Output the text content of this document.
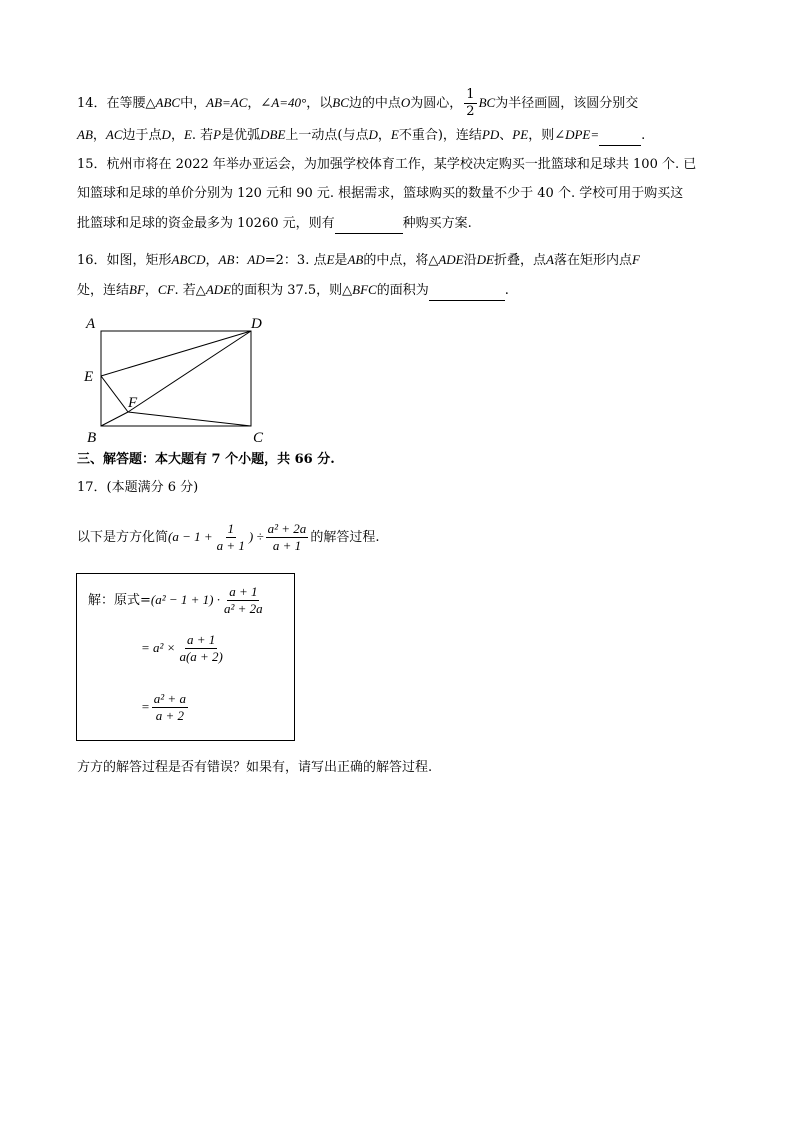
14．在等腰△ABC中，AB=AC，∠A=40°，以BC边的中点O为圆心， $\frac{1}{2}$ BC为半径画圆，该圆分别交
AB，AC边于点D，E. 若P是优弧DBE上一动点(与点D，E不重合)，连结PD、PE，则∠DPE=	.
15．杭州市将在 2022 年举办亚运会，为加强学校体育工作，某学校决定购买一批篮球和足球共 100 个. 已
知篮球和足球的单价分别为 120 元和 90 元. 根据需求，篮球购买的数量不少于 40 个. 学校可用于购买这
批篮球和足球的资金最多为 10260 元，则有	种购买方案.
16．如图，矩形ABCD，AB：AD=2：3. 点E是AB的中点，将△ADE沿DE折叠，点A落在矩形内点F
处，连结BF，CF. 若△ADE的面积为 37.5，则△BFC的面积为	.
A	D
E
F
B	C
三、解答题：本大题有 7 个小题，共 66 分.
17．(本题满分 6 分)
以下是方方化简($a - 1 + \frac{1}{a + 1}$ ) ÷ $\frac{\text{a² + 2a}}{a + 1}$ 的解答过程.
解：原式$=(a^2 - 1 + 1) \cdot \frac{a + 1}{\text{a² + 2a}}$
= $a^2 \times \frac{a + 1}{a(a + 2)}$
= $\frac{\text{a² + a}}{a + 2}$
方方的解答过程是否有错误？如果有，请写出正确的解答过程.
